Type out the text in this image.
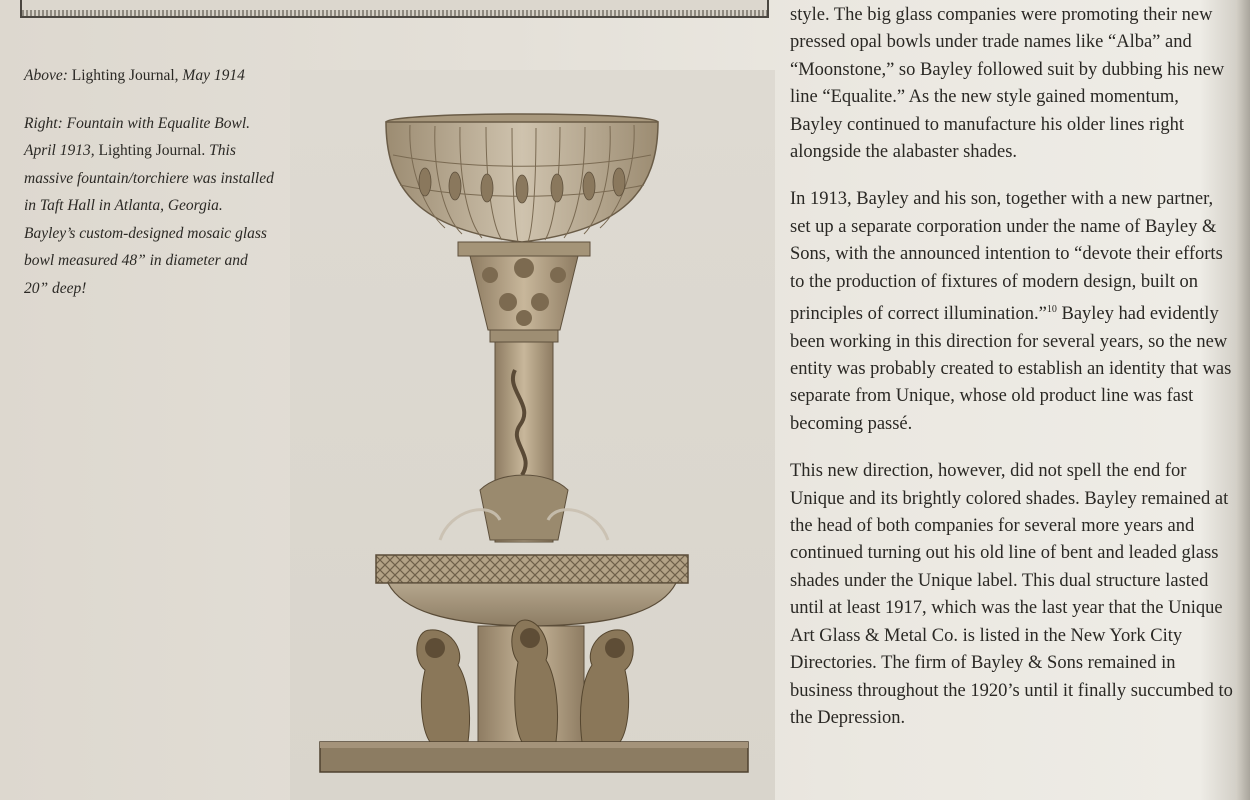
Above: Lighting Journal, May 1914

Right: Fountain with Equalite Bowl. April 1913, Lighting Journal. This massive fountain/torchiere was installed in Taft Hall in Atlanta, Georgia. Bayley’s custom-designed mosaic glass bowl measured 48” in diameter and 20” deep!

style. The big glass companies were promoting their new pressed opal bowls under trade names like “Alba” and “Moonstone,” so Bayley followed suit by dubbing his new line “Equalite.” As the new style gained momentum, Bayley continued to manufacture his older lines right alongside the alabaster shades.

In 1913, Bayley and his son, together with a new partner, set up a separate corporation under the name of Bayley & Sons, with the announced intention to “devote their efforts to the production of fixtures of modern design, built on principles of correct illumination.”$^{10}$ Bayley had evidently been working in this direction for several years, so the new entity was probably created to establish an identity that was separate from Unique, whose old product line was fast becoming passé.

This new direction, however, did not spell the end for Unique and its brightly colored shades. Bayley remained at the head of both companies for several more years and continued turning out his old line of bent and leaded glass shades under the Unique label. This dual structure lasted until at least 1917, which was the last year that the Unique Art Glass & Metal Co. is listed in the New York City Directories. The firm of Bayley & Sons remained in business throughout the 1920’s until it finally succumbed to the Depression.
